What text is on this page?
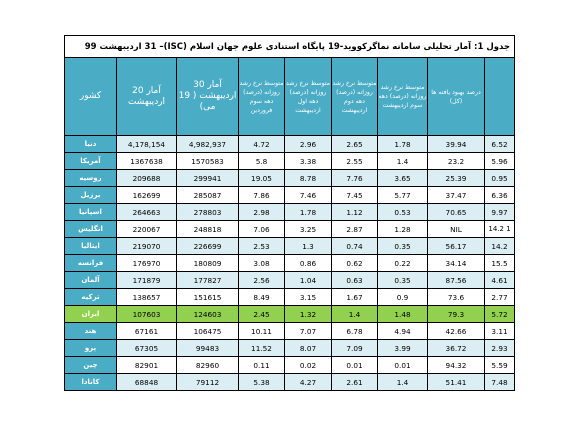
جدول 1: آمار تحلیلی سامانه نماگرکووید-19 پایگاه استنادی علوم جهان اسلام (ISC)– 31 اردیبهشت 99								
کشور	آمار 20 اردیبهشت	آمار 30 اردیبهشت ( 19 می)	متوسط نرخ رشد روزانه (درصد) دهه سوم فروردین	متوسط نرخ رشد روزانه (درصد) دهه اول اردیبهشت	متوسط نرخ رشد روزانه (درصد) دهه دوم اردیبهشت	متوسط نرخ رشد روزانه (درصد) دهه سوم اردیبهشت	درصد بهبود یافته ها (کل)	
دنیا	4,178,154	4,982,937	4.72	2.96	2.65	1.78	39.94	6.52
آمریکا	1367638	1570583	5.8	3.38	2.55	1.4	23.2	5.96
روسیه	209688	299941	19.05	8.78	7.76	3.65	25.39	0.95
برزیل	162699	285087	7.86	7.46	7.45	5.77	37.47	6.36
اسپانیا	264663	278803	2.98	1.78	1.12	0.53	70.65	9.97
انگلیس	220067	248818	7.06	3.25	2.87	1.28	NIL	14.2 1
ایتالیا	219070	226699	2.53	1.3	0.74	0.35	56.17	14.2
فرانسه	176970	180809	3.08	0.86	0.62	0.22	34.14	15.5
آلمان	171879	177827	2.56	1.04	0.63	0.35	87.56	4.61
ترکیه	138657	151615	8.49	3.15	1.67	0.9	73.6	2.77
ایران	107603	124603	2.45	1.32	1.4	1.48	79.3	5.72
هند	67161	106475	10.11	7.07	6.78	4.94	42.66	3.11
پرو	67305	99483	11.52	8.07	7.09	3.99	36.72	2.93
چین	82901	82960	0.11	0.02	0.01	0.01	94.32	5.59
کانادا	68848	79112	5.38	4.27	2.61	1.4	51.41	7.48
